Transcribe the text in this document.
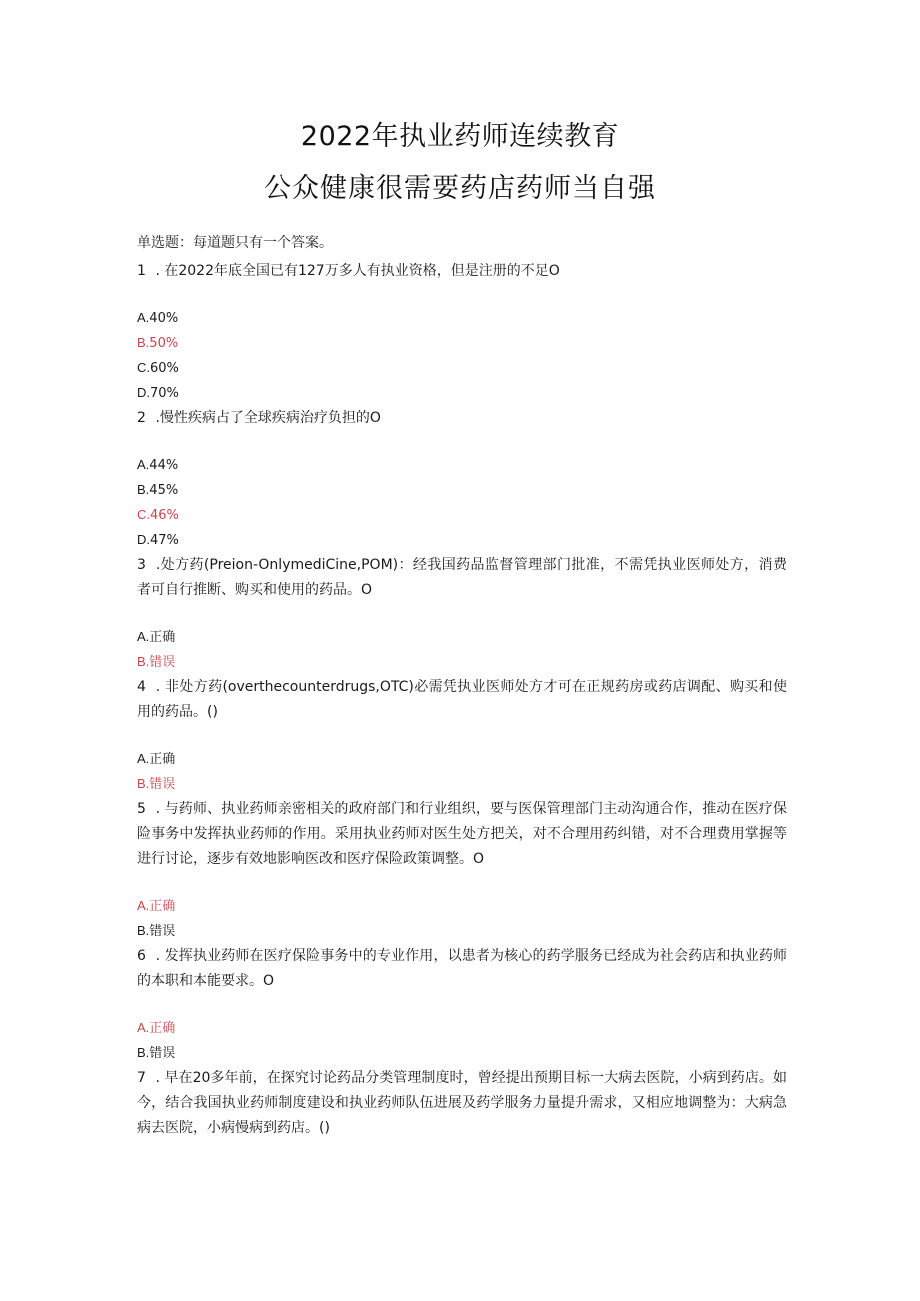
2022年执业药师连续教育
公众健康很需要药店药师当自强

单选题：每道题只有一个答案。

1 . 在2022年底全国已有127万多人有执业资格，但是注册的不足O

A.40%
B.50%
C.60%
D.70%

2 .慢性疾病占了全球疾病治疗负担的O

A.44%
B.45%
C.46%
D.47%

3 .处方药(Preion-OnlymediCine,POM)：经我国药品监督管理部门批准，不需凭执业医师处方，消费者可自行推断、购买和使用的药品。O

A.正确
B.错误

4 . 非处方药(overthecounterdrugs,OTC)必需凭执业医师处方才可在正规药房或药店调配、购买和使用的药品。()

A.正确
B.错误

5 . 与药师、执业药师亲密相关的政府部门和行业组织，要与医保管理部门主动沟通合作，推动在医疗保险事务中发挥执业药师的作用。采用执业药师对医生处方把关，对不合理用药纠错，对不合理费用掌握等进行讨论，逐步有效地影响医改和医疗保险政策调整。O

A.正确
B.错误

6 . 发挥执业药师在医疗保险事务中的专业作用，以患者为核心的药学服务已经成为社会药店和执业药师的本职和本能要求。O

A.正确
B.错误

7 . 早在20多年前，在探究讨论药品分类管理制度时，曾经提出预期目标一大病去医院，小病到药店。如今，结合我国执业药师制度建设和执业药师队伍进展及药学服务力量提升需求，又相应地调整为：大病急病去医院，小病慢病到药店。()
